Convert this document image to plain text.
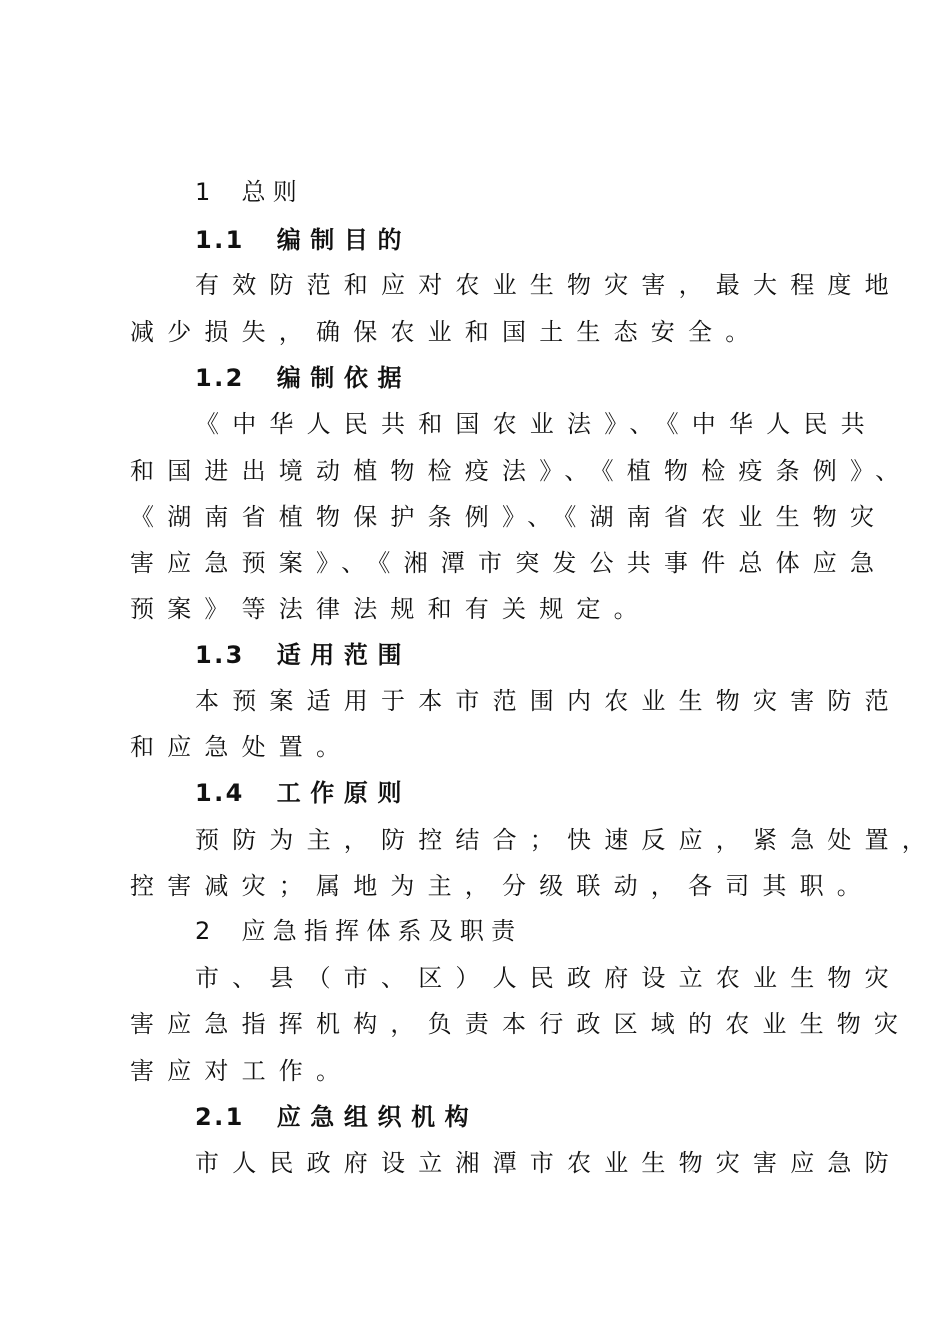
1 总则
1.1 编制目的
有效防范和应对农业生物灾害，最大程度地
减少损失，确保农业和国土生态安全。
1.2 编制依据
《中华人民共和国农业法》、《中华人民共
和国进出境动植物检疫法》、《植物检疫条例》、
《湖南省植物保护条例》、《湖南省农业生物灾
害应急预案》、《湘潭市突发公共事件总体应急
预案》等法律法规和有关规定。
1.3 适用范围
本预案适用于本市范围内农业生物灾害防范
和应急处置。
1.4 工作原则
预防为主，防控结合；快速反应，紧急处置，
控害减灾；属地为主，分级联动，各司其职。
2 应急指挥体系及职责
市、县（市、区）人民政府设立农业生物灾
害应急指挥机构，负责本行政区域的农业生物灾
害应对工作。
2.1 应急组织机构
市人民政府设立湘潭市农业生物灾害应急防
